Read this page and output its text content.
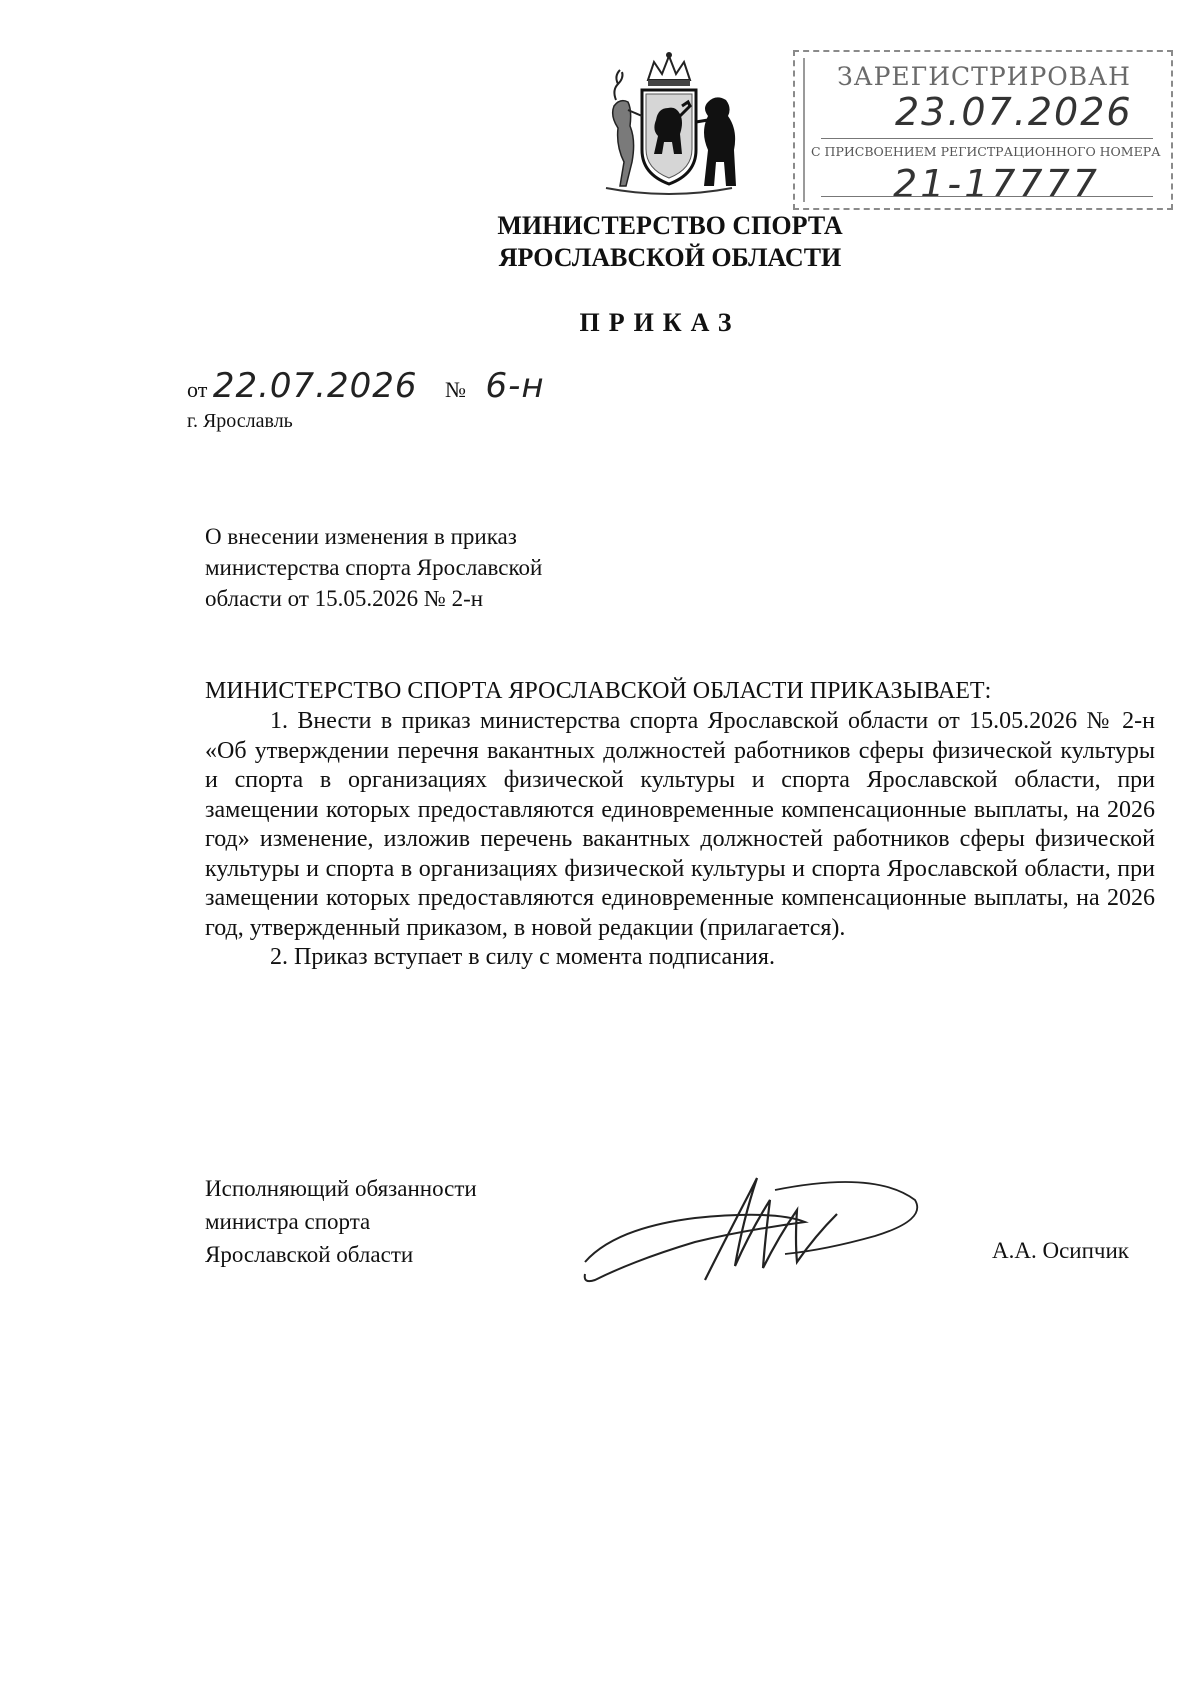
ЗАРЕГИСТРИРОВАН
23.07.2026
С ПРИСВОЕНИЕМ РЕГИСТРАЦИОННОГО НОМЕРА
21-17777
МИНИСТЕРСТВО СПОРТА
ЯРОСЛАВСКОЙ ОБЛАСТИ
ПРИКАЗ
от 22.07.2026 № 6-н
г. Ярославль
О внесении изменения в приказ
министерства спорта Ярославской
области от 15.05.2026 № 2-н
МИНИСТЕРСТВО СПОРТА ЯРОСЛАВСКОЙ ОБЛАСТИ ПРИКАЗЫВАЕТ:

1. Внести в приказ министерства спорта Ярославской области от 15.05.2026 № 2-н «Об утверждении перечня вакантных должностей работников сферы физической культуры и спорта в организациях физической культуры и спорта Ярославской области, при замещении которых предоставляются единовременные компенсационные выплаты, на 2026 год» изменение, изложив перечень вакантных должностей работников сферы физической культуры и спорта в организациях физической культуры и спорта Ярославской области, при замещении которых предоставляются единовременные компенсационные выплаты, на 2026 год, утвержденный приказом, в новой редакции (прилагается).

2. Приказ вступает в силу с момента подписания.

Исполняющий обязанности
министра спорта
Ярославской области	А.А. Осипчик
